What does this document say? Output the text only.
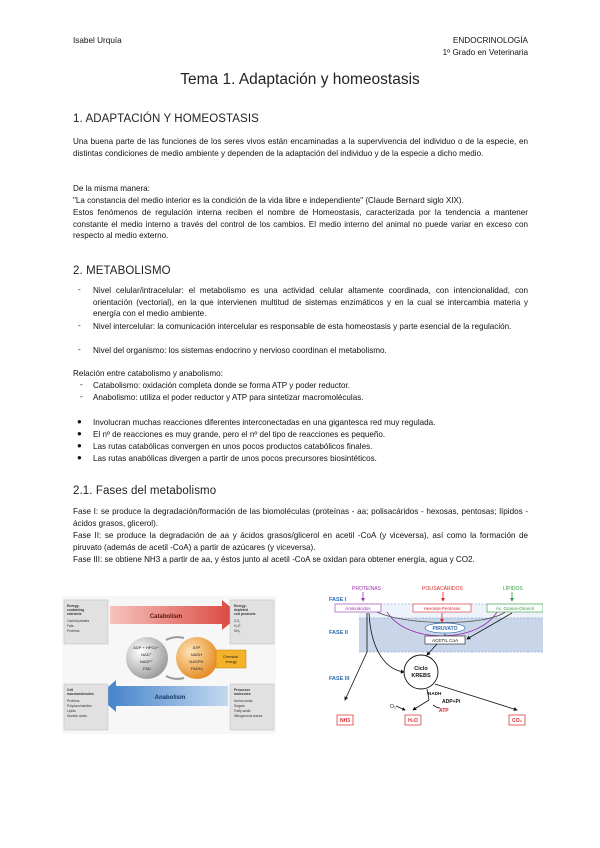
Isabel Urquía	ENDOCRINOLOGÍA
1º Grado en Veterinaria
Tema 1. Adaptación y homeostasis
1. ADAPTACIÓN Y HOMEOSTASIS
Una buena parte de las funciones de los seres vivos están encaminadas a la supervivencia del individuo o de la especie, en distintas condiciones de medio ambiente y dependen de la adaptación del individuo y de la especie a dicho medio.
De la misma manera:
"La constancia del medio interior es la condición de la vida libre e independiente" (Claude Bernard siglo XIX).
Estos fenómenos de regulación interna reciben el nombre de Homeostasis, caracterizada por la tendencia a mantener constante el medio interno a través del control de los cambios. El medio interno del animal no puede variar en exceso con respecto al medio externo.
2. METABOLISMO
- Nivel celular/intracelular: el metabolismo es una actividad celular altamente coordinada, con intencionalidad, con orientación (vectorial), en la que intervienen multitud de sistemas enzimáticos y en la cual se intercambia materia y energía con el medio ambiente.
- Nivel intercelular: la comunicación intercelular es responsable de esta homeostasis y parte esencial de la regulación.
- Nivel del organismo: los sistemas endocrino y nervioso coordinan el metabolismo.
Relación entre catabolismo y anabolismo:
- Catabolismo: oxidación completa donde se forma ATP y poder reductor.
- Anabolismo: utiliza el poder reductor y ATP para sintetizar macromoléculas.
● Involucran muchas reacciones diferentes interconectadas en una gigantesca red muy regulada.
● El nº de reacciones es muy grande, pero el nº del tipo de reacciones es pequeño.
● Las rutas catabólicas convergen en unos pocos productos catabólicos finales.
● Las rutas anabólicas divergen a partir de unos pocos precursores biosintéticos.
2.1. Fases del metabolismo
Fase I: se produce la degradación/formación de las biomoléculas (proteínas - aa; polisacáridos - hexosas, pentosas; lípidos - ácidos grasos, glicerol).
Fase II: se produce la degradación de aa y ácidos grasos/glicerol en acetil -CoA (y viceversa), así como la formación de piruvato (además de acetil -CoA) a partir de azúcares (y viceversa).
Fase III: se obtiene NH3 a partir de aa, y éstos junto al acetil -CoA se oxidan para obtener energía, agua y CO2.
Catabolism
Anabolism
Energy- containing nutrients Carbohydrates Fats Proteins
Energy- depleted end products CO₂ H₂O NH₃
Cell macromolecules Proteins Polysaccharides Lipids Nucleic acids
Precursor molecules Amino acids Sugars Fatty acids Nitrogenous bases
ADP + HPO₄²⁻ NAD⁺ NADP⁺ FAD
ATP NADH NADPH FADH₂
Chemical energy
PROTEÍNAS	POLISACÁRIDOS	LÍPIDOS
FASE I
FASE II
FASE III
Aminoácidos	Hexosas-Pentosas	Ác. Grasos-Glicerol
PIRUVATO
ACETIL CoA
Ciclo
KREBS
NADH
ADP+Pi
ATP
O₂
NH3	H₂O	CO₂
